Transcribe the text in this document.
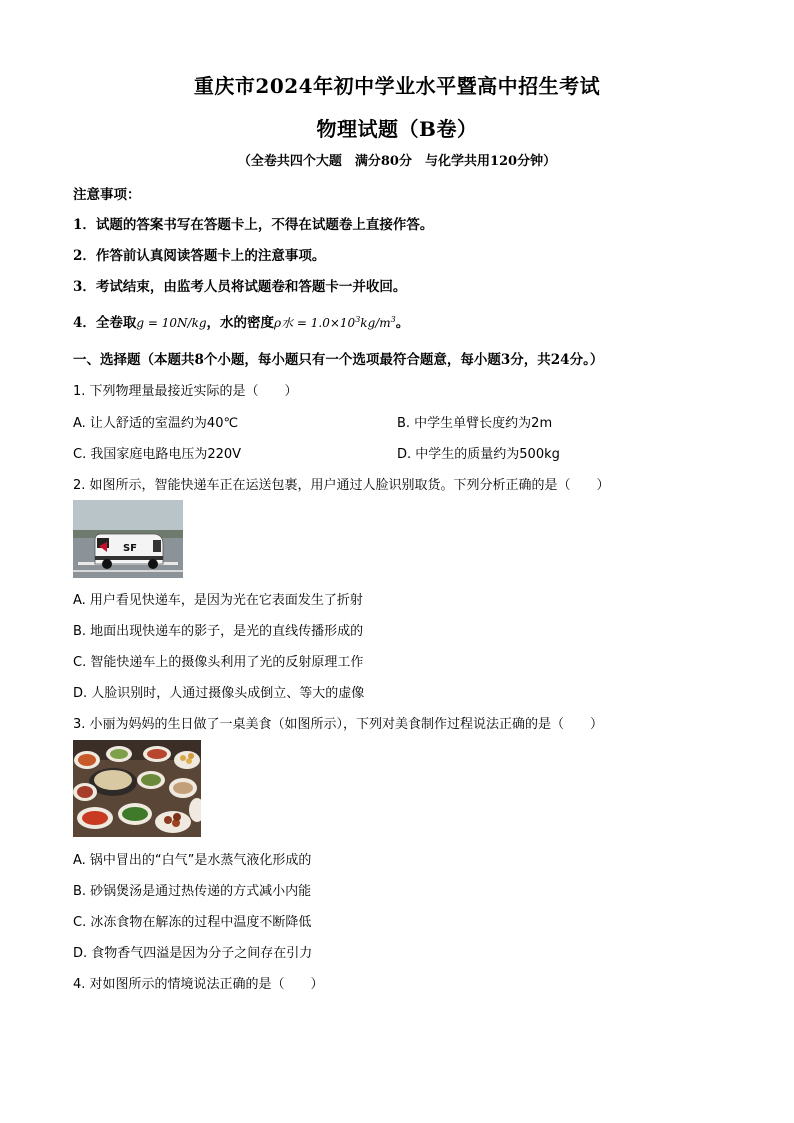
重庆市2024年初中学业水平暨高中招生考试
物理试题（B卷）
（全卷共四个大题　满分80分　与化学共用120分钟）
注意事项：
1．试题的答案书写在答题卡上，不得在试题卷上直接作答。
2．作答前认真阅读答题卡上的注意事项。
3．考试结束，由监考人员将试题卷和答题卡一并收回。
4．全卷取g = 10N/kg，水的密度ρ水 = $1.0\times 10^3kg/m^3$。
一、选择题（本题共8个小题，每小题只有一个选项最符合题意，每小题3分，共24分。）
1. 下列物理量最接近实际的是（　　）
A. 让人舒适的室温约为40℃	B. 中学生单臂长度约为2m
C. 我国家庭电路电压为220V	D. 中学生的质量约为500kg
2. 如图所示，智能快递车正在运送包裹，用户通过人脸识别取货。下列分析正确的是（　　）
SF
A. 用户看见快递车，是因为光在它表面发生了折射
B. 地面出现快递车的影子，是光的直线传播形成的
C. 智能快递车上的摄像头利用了光的反射原理工作
D. 人脸识别时，人通过摄像头成倒立、等大的虚像
3. 小丽为妈妈的生日做了一桌美食（如图所示），下列对美食制作过程说法正确的是（　　）
A. 锅中冒出的“白气”是水蒸气液化形成的
B. 砂锅煲汤是通过热传递的方式减小内能
C. 冰冻食物在解冻的过程中温度不断降低
D. 食物香气四溢是因为分子之间存在引力
4. 对如图所示的情境说法正确的是（　　）
